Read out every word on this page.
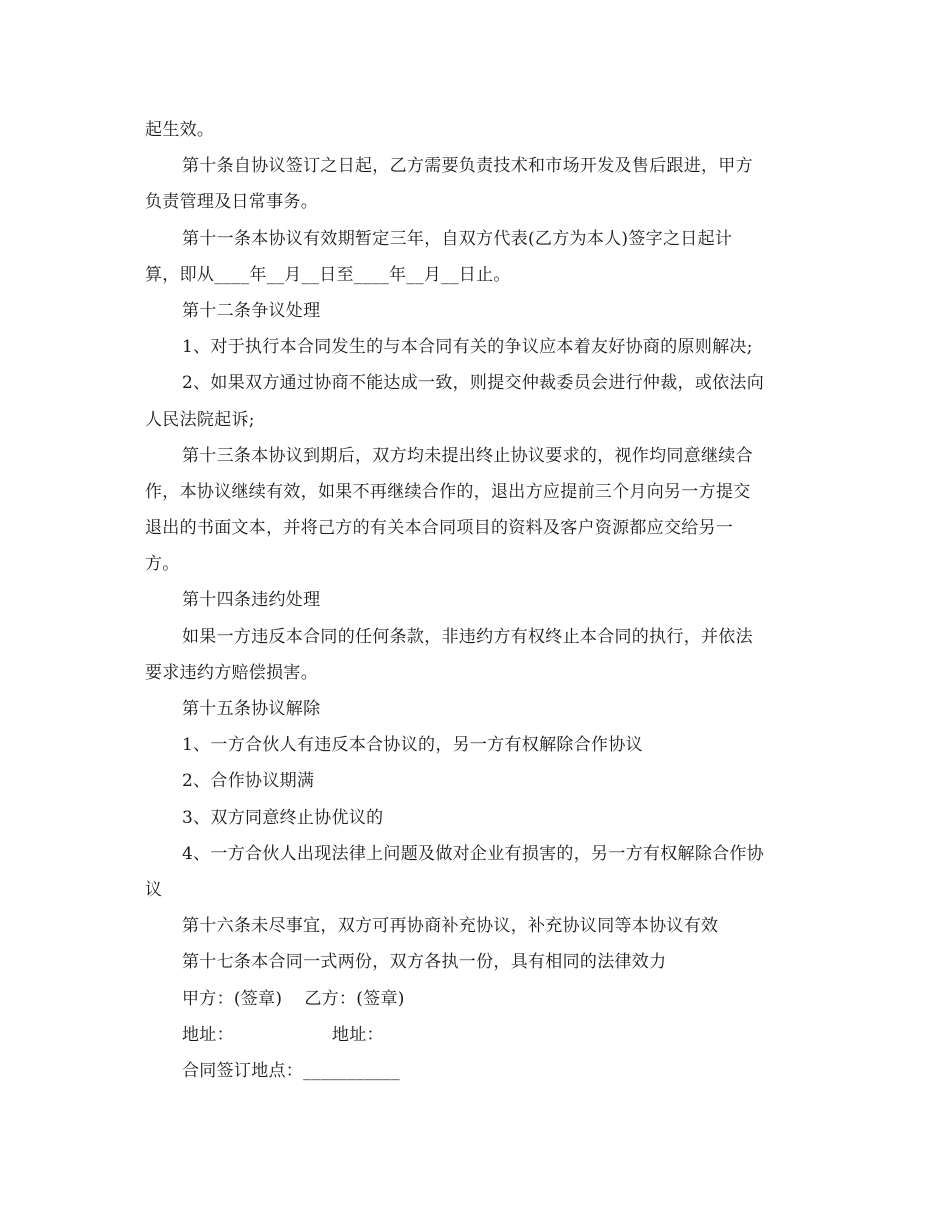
起生效。
第十条自协议签订之日起，乙方需要负责技术和市场开发及售后跟进，甲方
负责管理及日常事务。
第十一条本协议有效期暂定三年，自双方代表(乙方为本人)签字之日起计
算，即从____年__月__日至____年__月__日止。
第十二条争议处理
1、对于执行本合同发生的与本合同有关的争议应本着友好协商的原则解决;
2、如果双方通过协商不能达成一致，则提交仲裁委员会进行仲裁，或依法向
人民法院起诉;
第十三条本协议到期后，双方均未提出终止协议要求的，视作均同意继续合
作，本协议继续有效，如果不再继续合作的，退出方应提前三个月向另一方提交
退出的书面文本，并将己方的有关本合同项目的资料及客户资源都应交给另一
方。
第十四条违约处理
如果一方违反本合同的任何条款，非违约方有权终止本合同的执行，并依法
要求违约方赔偿损害。
第十五条协议解除
1、一方合伙人有违反本合协议的，另一方有权解除合作协议
2、合作协议期满
3、双方同意终止协优议的
4、一方合伙人出现法律上问题及做对企业有损害的，另一方有权解除合作协
议
第十六条未尽事宜，双方可再协商补充协议，补充协议同等本协议有效
第十七条本合同一式两份，双方各执一份，具有相同的法律效力
甲方：(签章) 乙方：(签章)
地址：	地址：
合同签订地点：___________
